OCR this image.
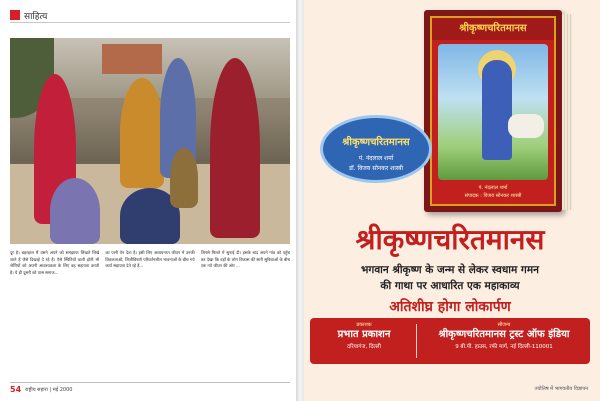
साहित्य
दूर है। बहरहाल मैं उसने अपने को समझाया लिखते लिखे जाते हैं जैसे दिखाई दे रहे हैं। ऐसे स्थितियों वाली होती भी श्रेणियों को अपनी आवश्यकता के लिए वह सहायता करती है। ये ही दूसरी को पास समाज...
का पानी पेन देता है। इसी लिए अध्ययनरत जीवन में उनकी विकलताओं, जिजीविषाएँ परिवर्तनशील भावनाओं के बीच गये कार्य सहायता देते रहे हैं...
जिनसे मिलते में सुनाई दी। इसके बाद अपने गांव को पहुँच कर देखा कि वहाँ के लोग विकास की सारी सुविधाओं के बीच एक नये जीवन की ओर ...
54 राष्ट्रीय सहारा | मई 2000
श्रीकृष्णचरितमानस
पं. नंदलाल शर्मा
संपादक : विजय सोनकर शास्त्री
श्रीकृष्णचरितमानस
पं. नंदलाल शर्मा
डॉ. विजय सोनकर शास्त्री
श्रीकृष्णचरितमानस
भगवान श्रीकृष्ण के जन्म से लेकर स्वधाम गमन
की गाथा पर आधारित एक महाकाव्य
अतिशीघ्र होगा लोकार्पण
प्रकाशक
प्रभात प्रकाशन
दरियागंज, दिल्ली
सौजन्य
श्रीकृष्णचरितमानस ट्रस्ट ऑफ इंडिया
9 बी.पी. हाउस, रफी मार्ग, नई दिल्ली-110001
ज्योतिष में भागवतीय विज्ञापन
